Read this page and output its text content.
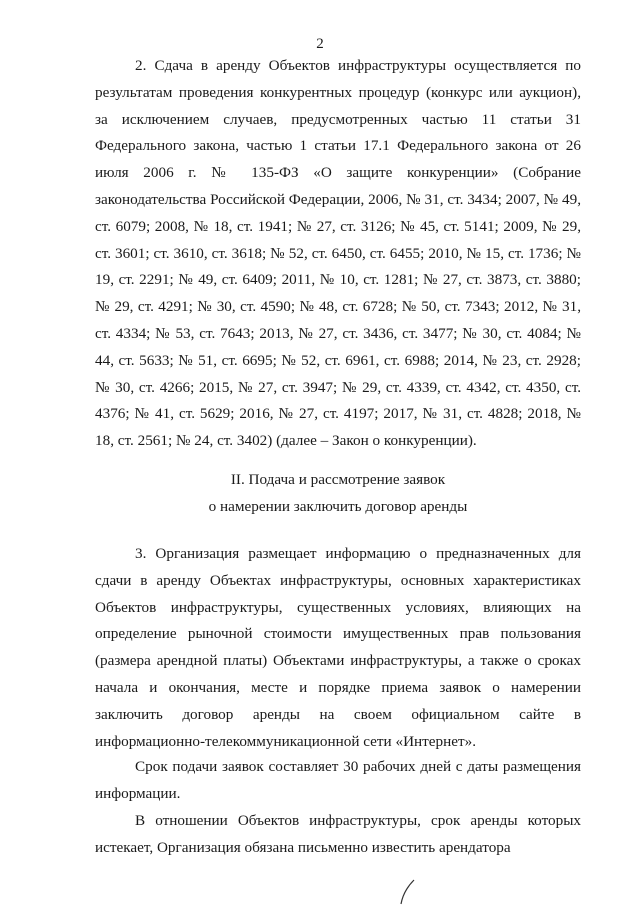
2
2. Сдача в аренду Объектов инфраструктуры осуществляется по результатам проведения конкурентных процедур (конкурс или аукцион), за исключением случаев, предусмотренных частью 11 статьи 31 Федерального закона, частью 1 статьи 17.1 Федерального закона от 26 июля 2006 г. № 135-ФЗ «О защите конкуренции» (Собрание законодательства Российской Федерации, 2006, № 31, ст. 3434; 2007, № 49, ст. 6079; 2008, № 18, ст. 1941; № 27, ст. 3126; № 45, ст. 5141; 2009, № 29, ст. 3601; ст. 3610, ст. 3618; № 52, ст. 6450, ст. 6455; 2010, № 15, ст. 1736; № 19, ст. 2291; № 49, ст. 6409; 2011, № 10, ст. 1281; № 27, ст. 3873, ст. 3880; № 29, ст. 4291; № 30, ст. 4590; № 48, ст. 6728; № 50, ст. 7343; 2012, № 31, ст. 4334; № 53, ст. 7643; 2013, № 27, ст. 3436, ст. 3477; № 30, ст. 4084; № 44, ст. 5633; № 51, ст. 6695; № 52, ст. 6961, ст. 6988; 2014, № 23, ст. 2928; № 30, ст. 4266; 2015, № 27, ст. 3947; № 29, ст. 4339, ст. 4342, ст. 4350, ст. 4376; № 41, ст. 5629; 2016, № 27, ст. 4197; 2017, № 31, ст. 4828; 2018, № 18, ст. 2561; № 24, ст. 3402) (далее – Закон о конкуренции).
II. Подача и рассмотрение заявок
о намерении заключить договор аренды
3. Организация размещает информацию о предназначенных для сдачи в аренду Объектах инфраструктуры, основных характеристиках Объектов инфраструктуры, существенных условиях, влияющих на определение рыночной стоимости имущественных прав пользования (размера арендной платы) Объектами инфраструктуры, а также о сроках начала и окончания, месте и порядке приема заявок о намерении заключить договор аренды на своем официальном сайте в информационно-телекоммуникационной сети «Интернет».
Срок подачи заявок составляет 30 рабочих дней с даты размещения информации.
В отношении Объектов инфраструктуры, срок аренды которых истекает, Организация обязана письменно известить арендатора
